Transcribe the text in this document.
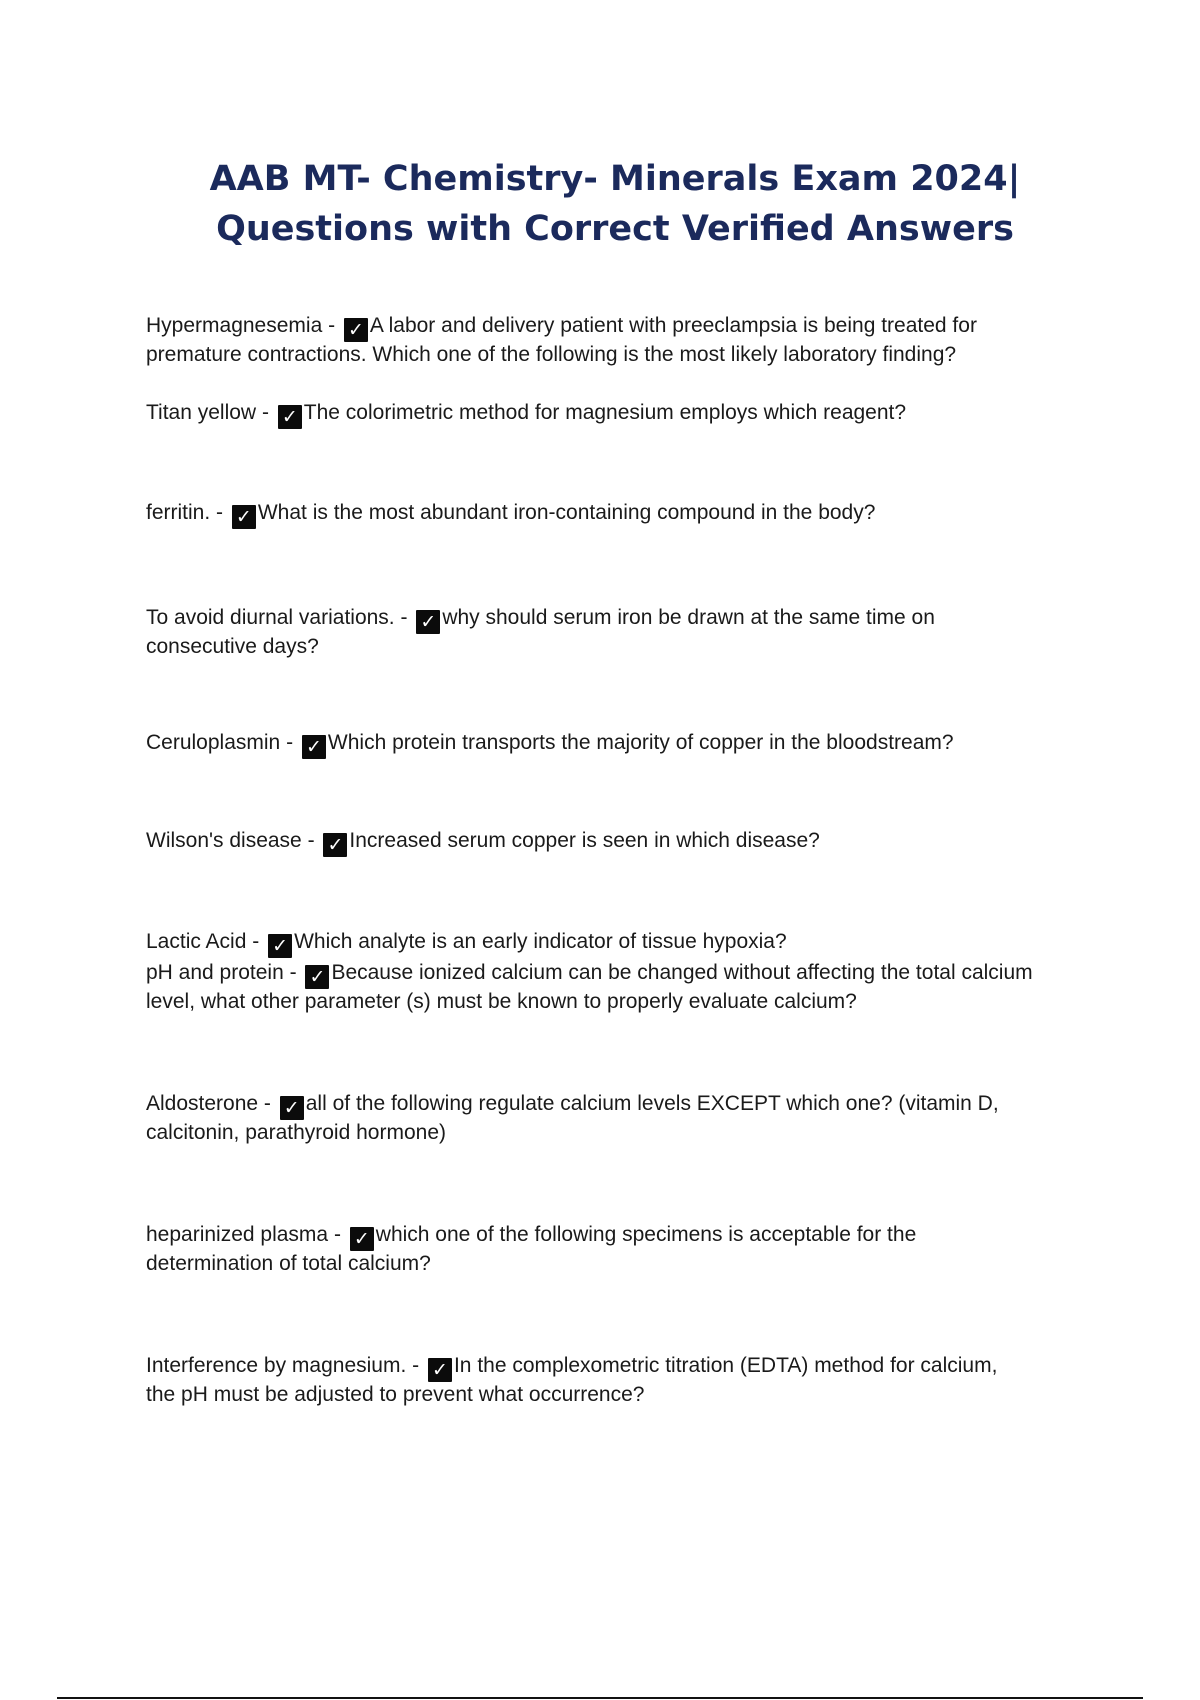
AAB MT- Chemistry- Minerals Exam 2024|
Questions with Correct Verified Answers

Hypermagnesemia - ✓ A labor and delivery patient with preeclampsia is being treated for premature contractions. Which one of the following is the most likely laboratory finding?

Titan yellow - ✓ The colorimetric method for magnesium employs which reagent?

ferritin. - ✓ What is the most abundant iron-containing compound in the body?

To avoid diurnal variations. - ✓ why should serum iron be drawn at the same time on consecutive days?

Ceruloplasmin - ✓ Which protein transports the majority of copper in the bloodstream?

Wilson's disease - ✓ Increased serum copper is seen in which disease?

Lactic Acid - ✓ Which analyte is an early indicator of tissue hypoxia?

pH and protein - ✓ Because ionized calcium can be changed without affecting the total calcium level, what other parameter (s) must be known to properly evaluate calcium?

Aldosterone - ✓ all of the following regulate calcium levels EXCEPT which one? (vitamin D, calcitonin, parathyroid hormone)

heparinized plasma - ✓ which one of the following specimens is acceptable for the determination of total calcium?

Interference by magnesium. - ✓ In the complexometric titration (EDTA) method for calcium, the pH must be adjusted to prevent what occurrence?
